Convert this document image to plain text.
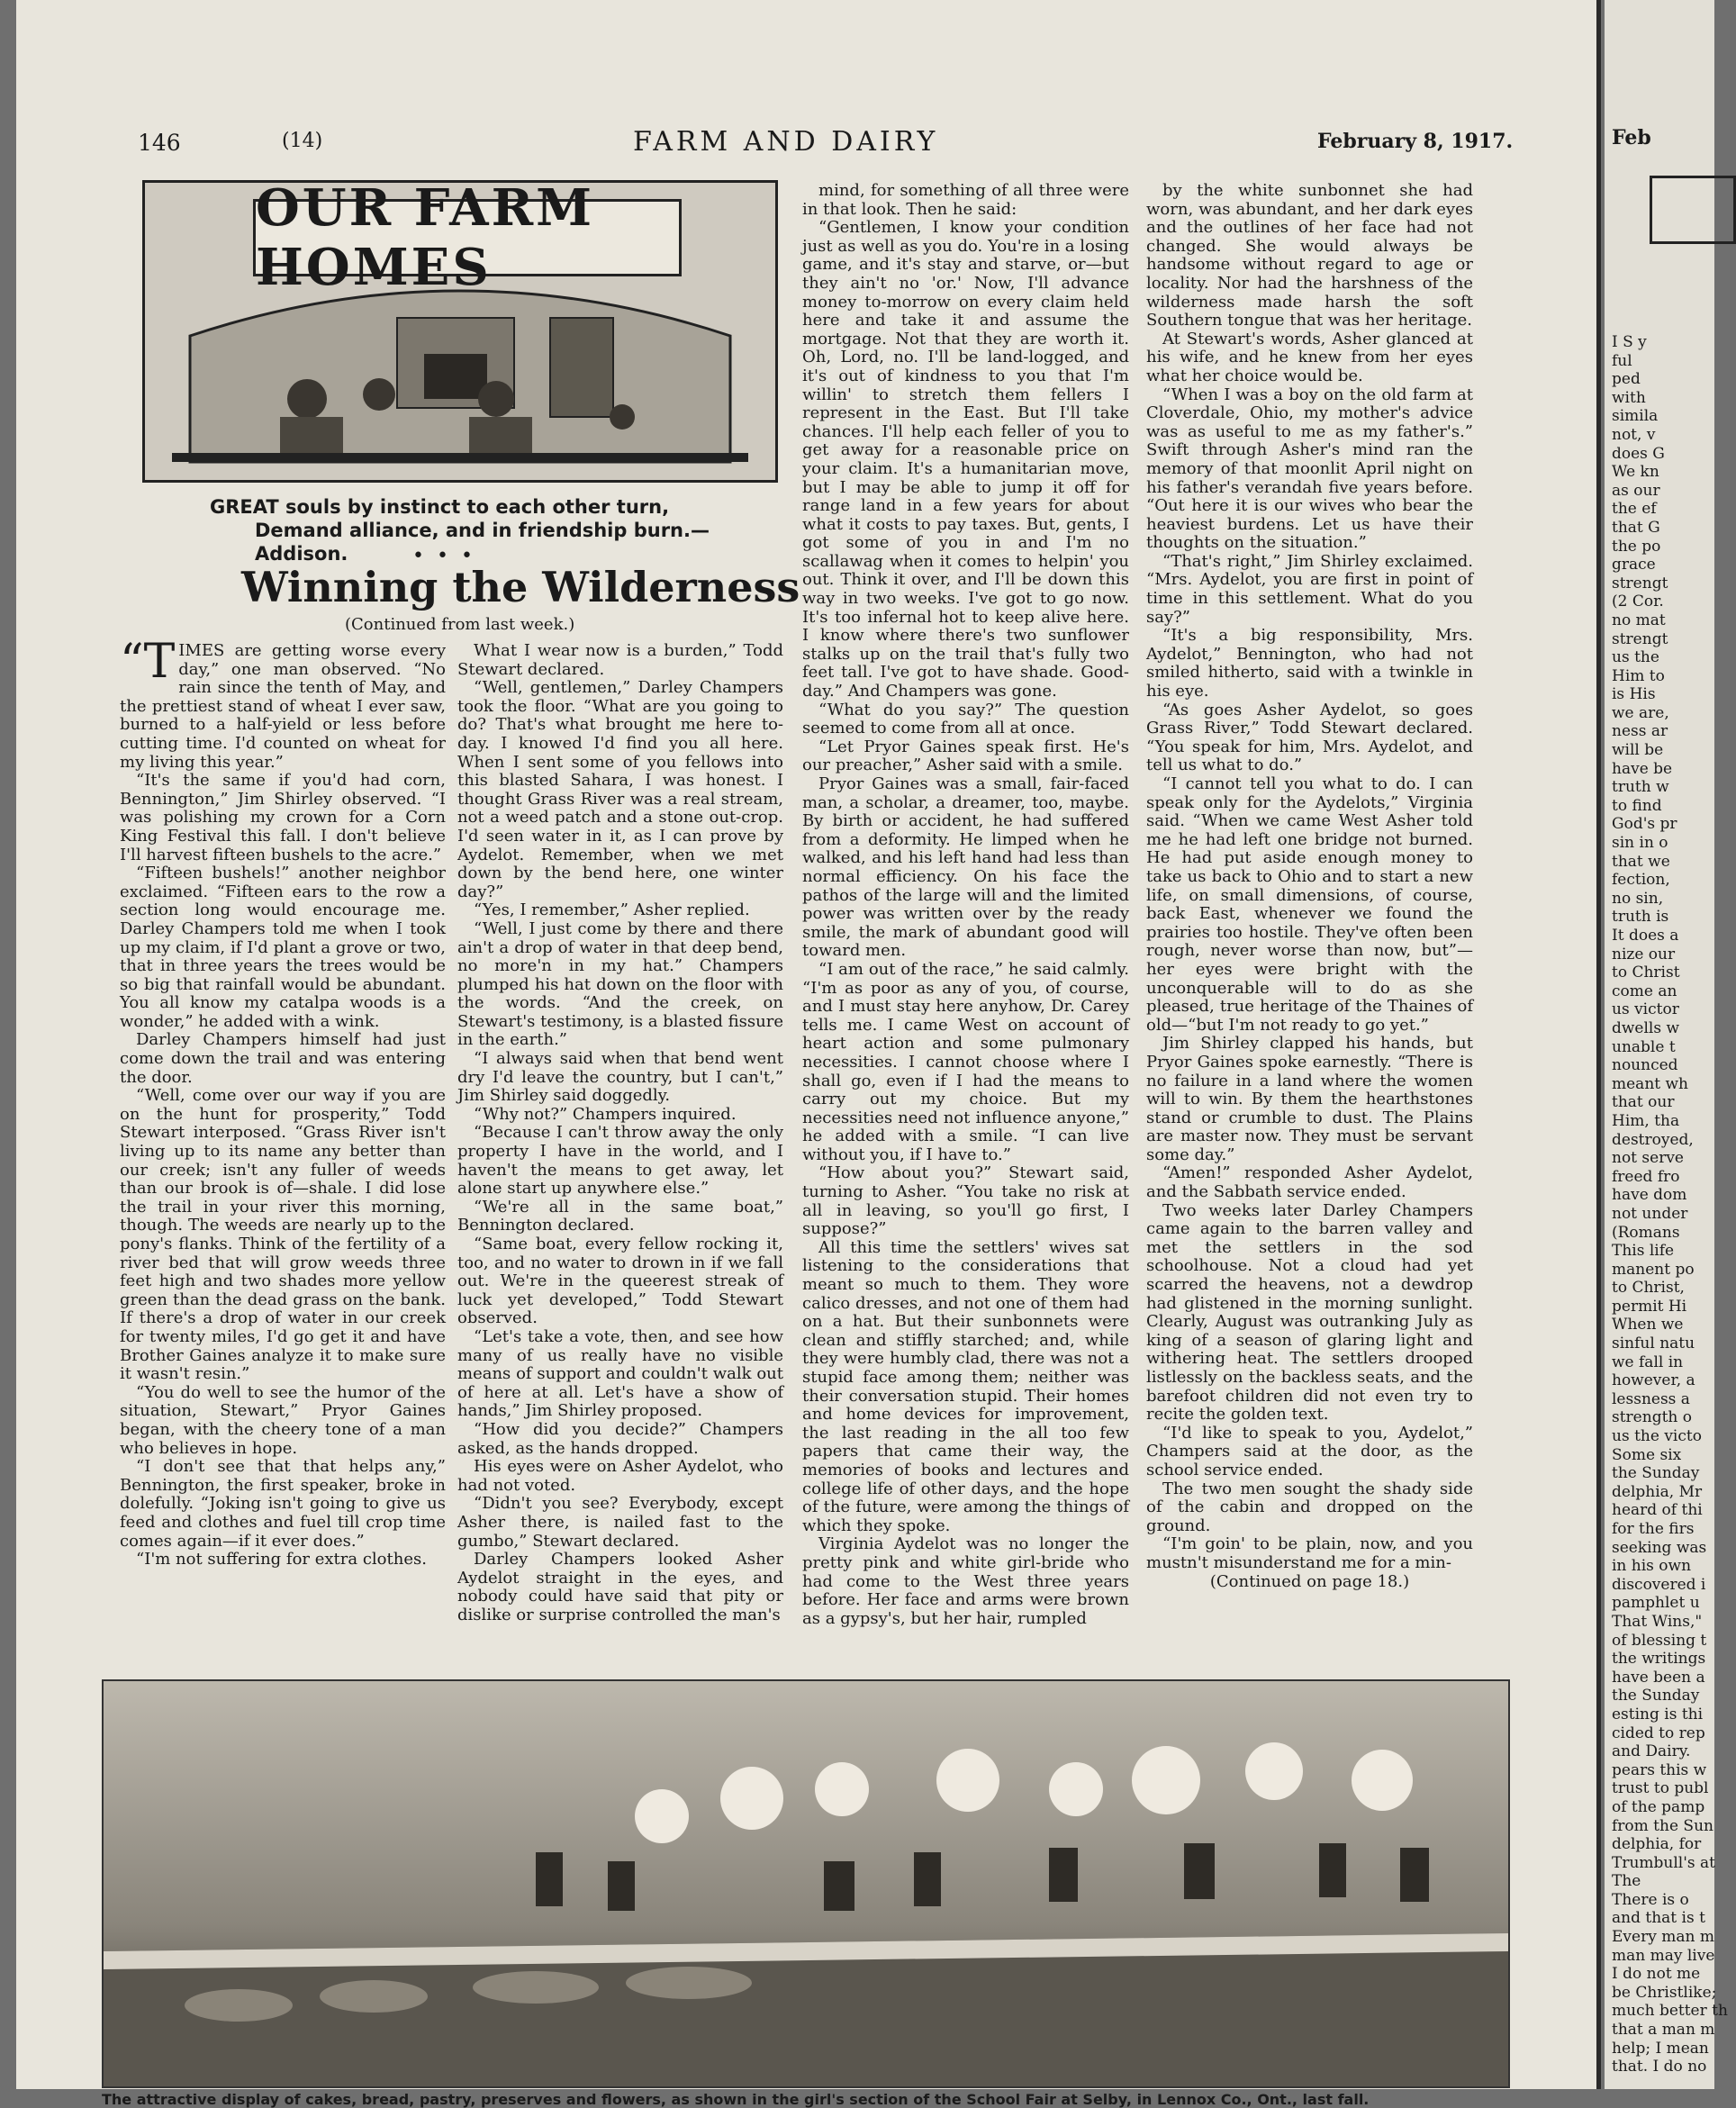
146	(14)	FARM AND DAIRY	February 8, 1917.
OUR FARM HOMES
GREAT souls by instinct to each other turn,
Demand alliance, and in friendship burn.—Addison.	•••
Winning the Wilderness
(Continued from last week.)

“TIMES are getting worse every day,” one man observed. “No rain since the tenth of May, and the prettiest stand of wheat I ever saw, burned to a half-yield or less before cutting time. I'd counted on wheat for my living this year.”

“It's the same if you'd had corn, Bennington,” Jim Shirley observed. “I was polishing my crown for a Corn King Festival this fall. I don't believe I'll harvest fifteen bushels to the acre.”

“Fifteen bushels!” another neighbor exclaimed. “Fifteen ears to the row a section long would encourage me. Darley Champers told me when I took up my claim, if I'd plant a grove or two, that in three years the trees would be so big that rainfall would be abundant. You all know my catalpa woods is a wonder,” he added with a wink.

Darley Champers himself had just come down the trail and was entering the door.

“Well, come over our way if you are on the hunt for prosperity,” Todd Stewart interposed. “Grass River isn't living up to its name any better than our creek; isn't any fuller of weeds than our brook is of—shale. I did lose the trail in your river this morning, though. The weeds are nearly up to the pony's flanks. Think of the fertility of a river bed that will grow weeds three feet high and two shades more yellow green than the dead grass on the bank. If there's a drop of water in our creek for twenty miles, I'd go get it and have Brother Gaines analyze it to make sure it wasn't resin.”

“You do well to see the humor of the situation, Stewart,” Pryor Gaines began, with the cheery tone of a man who believes in hope.

“I don't see that that helps any,” Bennington, the first speaker, broke in dolefully. “Joking isn't going to give us feed and clothes and fuel till crop time comes again—if it ever does.”

“I'm not suffering for extra clothes.

What I wear now is a burden,” Todd Stewart declared.

“Well, gentlemen,” Darley Champers took the floor. “What are you going to do? That's what brought me here to-day. I knowed I'd find you all here. When I sent some of you fellows into this blasted Sahara, I was honest. I thought Grass River was a real stream, not a weed patch and a stone out-crop. I'd seen water in it, as I can prove by Aydelot. Remember, when we met down by the bend here, one winter day?”

“Yes, I remember,” Asher replied.

“Well, I just come by there and there ain't a drop of water in that deep bend, no more'n in my hat.” Champers plumped his hat down on the floor with the words. “And the creek, on Stewart's testimony, is a blasted fissure in the earth.”

“I always said when that bend went dry I'd leave the country, but I can't,” Jim Shirley said doggedly.

“Why not?” Champers inquired.

“Because I can't throw away the only property I have in the world, and I haven't the means to get away, let alone start up anywhere else.”

“We're all in the same boat,” Bennington declared.

“Same boat, every fellow rocking it, too, and no water to drown in if we fall out. We're in the queerest streak of luck yet developed,” Todd Stewart observed.

“Let's take a vote, then, and see how many of us really have no visible means of support and couldn't walk out of here at all. Let's have a show of hands,” Jim Shirley proposed.

“How did you decide?” Champers asked, as the hands dropped.

His eyes were on Asher Aydelot, who had not voted.

“Didn't you see? Everybody, except Asher there, is nailed fast to the gumbo,” Stewart declared.

Darley Champers looked Asher Aydelot straight in the eyes, and nobody could have said that pity or dislike or surprise controlled the man's

mind, for something of all three were in that look. Then he said:

“Gentlemen, I know your condition just as well as you do. You're in a losing game, and it's stay and starve, or—but they ain't no 'or.' Now, I'll advance money to-morrow on every claim held here and take it and assume the mortgage. Not that they are worth it. Oh, Lord, no. I'll be land-logged, and it's out of kindness to you that I'm willin' to stretch them fellers I represent in the East. But I'll take chances. I'll help each feller of you to get away for a reasonable price on your claim. It's a humanitarian move, but I may be able to jump it off for range land in a few years for about what it costs to pay taxes. But, gents, I got some of you in and I'm no scallawag when it comes to helpin' you out. Think it over, and I'll be down this way in two weeks. I've got to go now. It's too infernal hot to keep alive here. I know where there's two sunflower stalks up on the trail that's fully two feet tall. I've got to have shade. Good-day.” And Champers was gone.

“What do you say?” The question seemed to come from all at once.

“Let Pryor Gaines speak first. He's our preacher,” Asher said with a smile.

Pryor Gaines was a small, fair-faced man, a scholar, a dreamer, too, maybe. By birth or accident, he had suffered from a deformity. He limped when he walked, and his left hand had less than normal efficiency. On his face the pathos of the large will and the limited power was written over by the ready smile, the mark of abundant good will toward men.

“I am out of the race,” he said calmly. “I'm as poor as any of you, of course, and I must stay here anyhow, Dr. Carey tells me. I came West on account of heart action and some pulmonary necessities. I cannot choose where I shall go, even if I had the means to carry out my choice. But my necessities need not influence anyone,” he added with a smile. “I can live without you, if I have to.”

“How about you?” Stewart said, turning to Asher. “You take no risk at all in leaving, so you'll go first, I suppose?”

All this time the settlers' wives sat listening to the considerations that meant so much to them. They wore calico dresses, and not one of them had on a hat. But their sunbonnets were clean and stiffly starched; and, while they were humbly clad, there was not a stupid face among them; neither was their conversation stupid. Their homes and home devices for improvement, the last reading in the all too few papers that came their way, the memories of books and lectures and college life of other days, and the hope of the future, were among the things of which they spoke.

Virginia Aydelot was no longer the pretty pink and white girl-bride who had come to the West three years before. Her face and arms were brown as a gypsy's, but her hair, rumpled

by the white sunbonnet she had worn, was abundant, and her dark eyes and the outlines of her face had not changed. She would always be handsome without regard to age or locality. Nor had the harshness of the wilderness made harsh the soft Southern tongue that was her heritage.

At Stewart's words, Asher glanced at his wife, and he knew from her eyes what her choice would be.

“When I was a boy on the old farm at Cloverdale, Ohio, my mother's advice was as useful to me as my father's.” Swift through Asher's mind ran the memory of that moonlit April night on his father's verandah five years before. “Out here it is our wives who bear the heaviest burdens. Let us have their thoughts on the situation.”

“That's right,” Jim Shirley exclaimed. “Mrs. Aydelot, you are first in point of time in this settlement. What do you say?”

“It's a big responsibility, Mrs. Aydelot,” Bennington, who had not smiled hitherto, said with a twinkle in his eye.

“As goes Asher Aydelot, so goes Grass River,” Todd Stewart declared. “You speak for him, Mrs. Aydelot, and tell us what to do.”

“I cannot tell you what to do. I can speak only for the Aydelots,” Virginia said. “When we came West Asher told me he had left one bridge not burned. He had put aside enough money to take us back to Ohio and to start a new life, on small dimensions, of course, back East, whenever we found the prairies too hostile. They've often been rough, never worse than now, but”—her eyes were bright with the unconquerable will to do as she pleased, true heritage of the Thaines of old—“but I'm not ready to go yet.”

Jim Shirley clapped his hands, but Pryor Gaines spoke earnestly. “There is no failure in a land where the women will to win. By them the hearthstones stand or crumble to dust. The Plains are master now. They must be servant some day.”

“Amen!” responded Asher Aydelot, and the Sabbath service ended.

Two weeks later Darley Champers came again to the barren valley and met the settlers in the sod schoolhouse. Not a cloud had yet scarred the heavens, not a dewdrop had glistened in the morning sunlight. Clearly, August was outranking July as king of a season of glaring light and withering heat. The settlers drooped listlessly on the backless seats, and the barefoot children did not even try to recite the golden text.

“I'd like to speak to you, Aydelot,” Champers said at the door, as the school service ended.

The two men sought the shady side of the cabin and dropped on the ground.

“I'm goin' to be plain, now, and you mustn't misunderstand me for a min-

(Continued on page 18.)

The attractive display of cakes, bread, pastry, preserves and flowers, as shown in the girl's section of the School Fair at Selby, in Lennox Co., Ont., last fall.
Feb
I S y
ful
ped
with
simila
not, v
does G
We kn
as our
the ef
that G
the po
grace
strengt
(2 Cor.
no mat
strengt
us the
Him to
is His
we are,
ness ar
will be
have be
truth w
to find
God's pr
sin in o
that we
fection,
no sin,
truth is
It does a
nize our
to Christ
come an
us victor
dwells w
unable t
nounced
meant wh
that our
Him, tha
destroyed,
not serve
freed fro
have dom
not under
(Romans
This life
manent po
to Christ,
permit Hi
When we
sinful natu
we fall in
however, a
lessness a
strength o
us the victo
Some six
the Sunday
delphia, Mr
heard of thi
for the firs
seeking was
in his own
discovered i
pamphlet u
That Wins,"
of blessing t
the writings
have been a
the Sunday
esting is thi
cided to rep
and Dairy.
pears this w
trust to publ
of the pamp
from the Sun
delphia, for
Trumbull's at
The
There is o
and that is t
Every man m
man may live
I do not me
be Christlike;
much better th
that a man m
help; I mean
that. I do no
